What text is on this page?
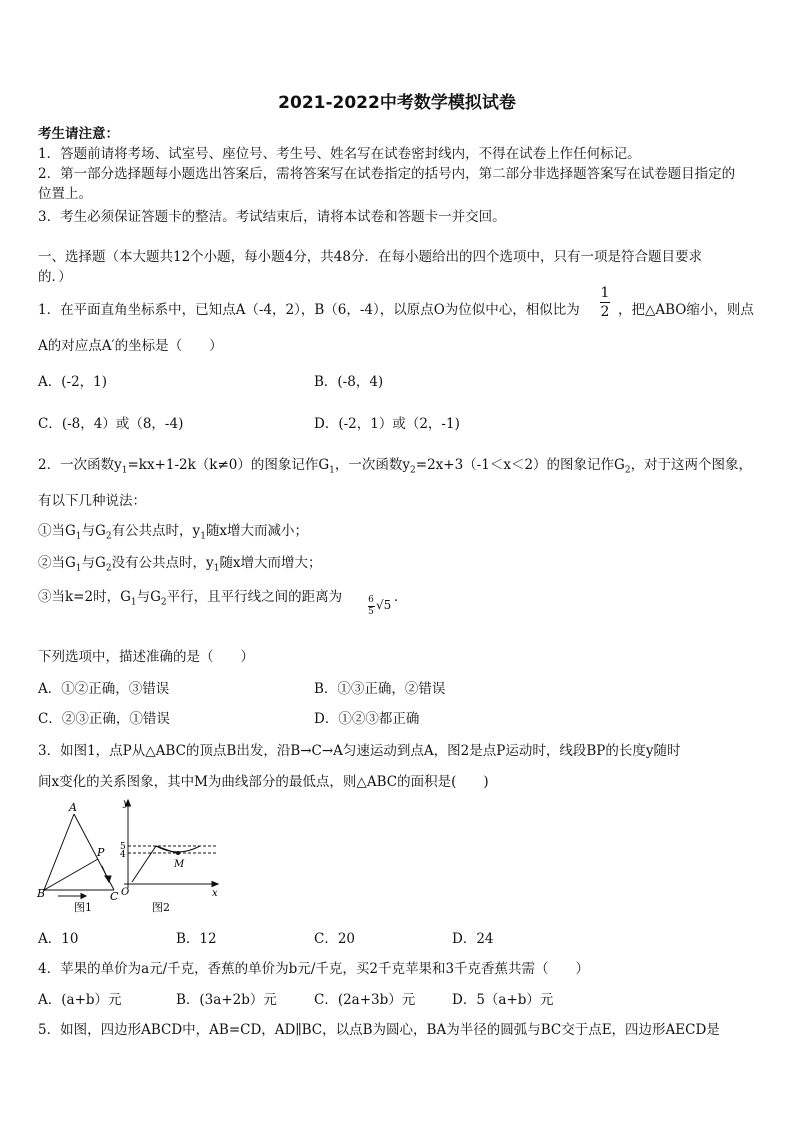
2021-2022中考数学模拟试卷
考生请注意：
1．答题前请将考场、试室号、座位号、考生号、姓名写在试卷密封线内，不得在试卷上作任何标记。
2．第一部分选择题每小题选出答案后，需将答案写在试卷指定的括号内，第二部分非选择题答案写在试卷题目指定的
位置上。
3．考生必须保证答题卡的整洁。考试结束后，请将本试卷和答题卡一并交回。
一、选择题（本大题共12个小题，每小题4分，共48分．在每小题给出的四个选项中，只有一项是符合题目要求
的．）
1．在平面直角坐标系中，已知点A（-4，2），B（6，-4），以原点O为位似中心，相似比为
1
2 ，把△ABO缩小，则点
A的对应点A′的坐标是（　　）
A．(-2，1)	B．(-8，4)
C．(-8，4）或（8，-4)	D．(-2，1）或（2，-1)
2．一次函数$y_1=kx+1-2k(k\ne 0)$的图象记作$G_1$，一次函数$y_2=2x+3(-1<x<2)$的图象记作$G_2$，对于这两个图象，
有以下几种说法：
①当$G_1$与$G_2$有公共点时，$y_1$随x增大而减小；
②当$G_1$与$G_2$没有公共点时，$y_1$随x增大而增大；
③当k=2时，$G_1$与$G_2$平行，且平行线之间的距离为	6
5 √5 ．
下列选项中，描述准确的是（　　）
A．①②正确，③错误	B．①③正确，②错误
C．②③正确，①错误	D．①②③都正确
3．如图1，点P从△ABC的顶点B出发，沿B→C→A匀速运动到点A，图2是点P运动时，线段BP的长度y随时
间x变化的关系图象，其中M为曲线部分的最低点，则△ABC的面积是(　　)
A
B	C
P
图1
y
x
O
5
4
M
图2
A．10	B．12	C．20	D．24
4．苹果的单价为a元/千克，香蕉的单价为b元/千克，买2千克苹果和3千克香蕉共需（　　）
A．(a+b）元	B．(3a+2b）元	C．(2a+3b）元	D．5（a+b）元
5．如图，四边形ABCD中，AB=CD，AD∥BC，以点B为圆心，BA为半径的圆弧与BC交于点E，四边形AECD是
